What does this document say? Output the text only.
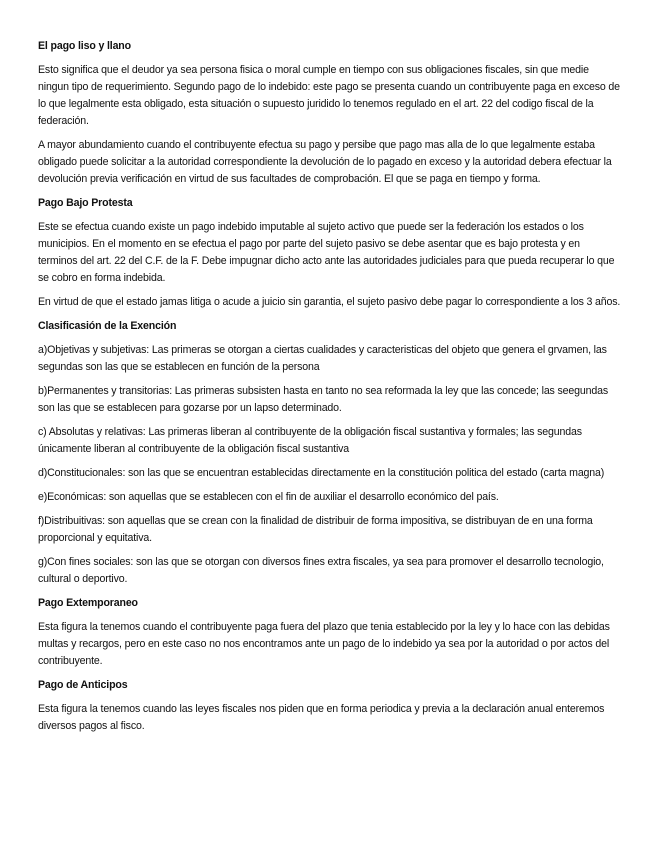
El pago liso y llano

Esto significa que el deudor ya sea persona fisica o moral cumple en tiempo con sus obligaciones fiscales, sin que medie ningun tipo de requerimiento. Segundo pago de lo indebido: este pago se presenta cuando un contribuyente paga en exceso de lo que legalmente esta obligado, esta situación o supuesto juridido lo tenemos regulado en el art. 22 del codigo fiscal de la federación.

A mayor abundamiento cuando el contribuyente efectua su pago y persibe que pago mas alla de lo que legalmente estaba obligado puede solicitar a la autoridad correspondiente la devolución de lo pagado en exceso y la autoridad debera efectuar la devolución previa verificación en virtud de sus facultades de comprobación. El que se paga en tiempo y forma.

Pago Bajo Protesta

Este se efectua cuando existe un pago indebido imputable al sujeto activo que puede ser la federación los estados o los municipios. En el momento en se efectua el pago por parte del sujeto pasivo se debe asentar que es bajo protesta y en terminos del art. 22 del C.F. de la F. Debe impugnar dicho acto ante las autoridades judiciales para que pueda recuperar lo que se cobro en forma indebida.

En virtud de que el estado jamas litiga o acude a juicio sin garantia, el sujeto pasivo debe pagar lo correspondiente a los 3 años.

Clasificasión de la Exención

a)Objetivas y subjetivas: Las primeras se otorgan a ciertas cualidades y caracteristicas del objeto que genera el grvamen, las segundas son las que se establecen en función de la persona

b)Permanentes y transitorias: Las primeras subsisten hasta en tanto no sea reformada la ley que las concede; las seegundas son las que se establecen para gozarse por un lapso determinado.

c) Absolutas y relativas: Las primeras liberan al contribuyente de la obligación fiscal sustantiva y formales; las segundas únicamente liberan al contribuyente de la obligación fiscal sustantiva

d)Constitucionales: son las que se encuentran establecidas directamente en la constitución politica del estado (carta magna)

e)Económicas: son aquellas que se establecen con el fin de auxiliar el desarrollo económico del país.

f)Distribuitivas: son aquellas que se crean con la finalidad de distribuir de forma impositiva, se distribuyan de en una forma proporcional y equitativa.

g)Con fines sociales: son las que se otorgan con diversos fines extra fiscales, ya sea para promover el desarrollo tecnologio, cultural o deportivo.

Pago Extemporaneo

Esta figura la tenemos cuando el contribuyente paga fuera del plazo que tenia establecido por la ley y lo hace con las debidas multas y recargos, pero en este caso no nos encontramos ante un pago de lo indebido ya sea por la autoridad o por actos del contribuyente.

Pago de Anticipos

Esta figura la tenemos cuando las leyes fiscales nos piden que en forma periodica y previa a la declaración anual enteremos diversos pagos al fisco.
